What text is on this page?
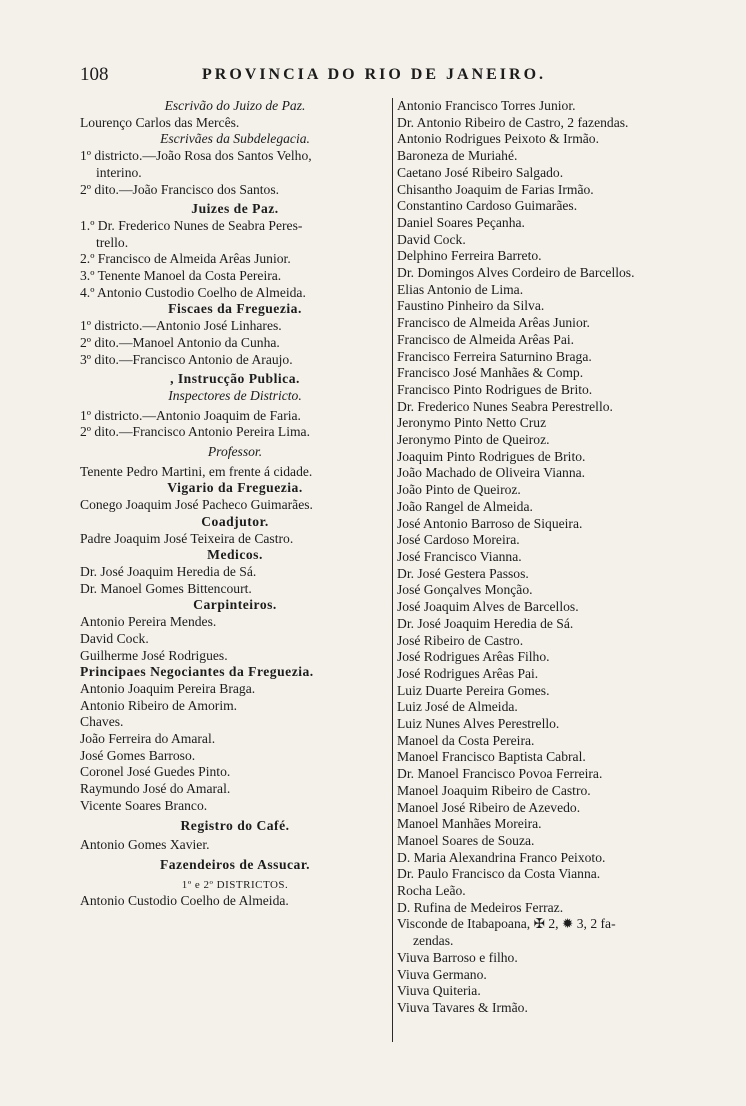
108	PROVINCIA DO RIO DE JANEIRO.
Escrivão do Juizo de Paz.
Lourenço Carlos das Mercês.
Escrivães da Subdelegacia.
1º districto.—João Rosa dos Santos Velho,
interino.
2º dito.—João Francisco dos Santos.
Juizes de Paz.
1.º Dr. Frederico Nunes de Seabra Peres-
trello.
2.º Francisco de Almeida Arêas Junior.
3.º Tenente Manoel da Costa Pereira.
4.º Antonio Custodio Coelho de Almeida.
Fiscaes da Freguezia.
1º districto.—Antonio José Linhares.
2º dito.—Manoel Antonio da Cunha.
3º dito.—Francisco Antonio de Araujo.
, Instrucção Publica.
Inspectores de Districto.
1º districto.—Antonio Joaquim de Faria.
2º dito.—Francisco Antonio Pereira Lima.
Professor.
Tenente Pedro Martini, em frente á cidade.
Vigario da Freguezia.
Conego Joaquim José Pacheco Guimarães.
Coadjutor.
Padre Joaquim José Teixeira de Castro.
Medicos.
Dr. José Joaquim Heredia de Sá.
Dr. Manoel Gomes Bittencourt.
Carpinteiros.
Antonio Pereira Mendes.
David Cock.
Guilherme José Rodrigues.
Principaes Negociantes da Freguezia.
Antonio Joaquim Pereira Braga.
Antonio Ribeiro de Amorim.
Chaves.
João Ferreira do Amaral.
José Gomes Barroso.
Coronel José Guedes Pinto.
Raymundo José do Amaral.
Vicente Soares Branco.
Registro do Café.
Antonio Gomes Xavier.
Fazendeiros de Assucar.
1º e 2º DISTRICTOS.
Antonio Custodio Coelho de Almeida.
Antonio Francisco Torres Junior.
Dr. Antonio Ribeiro de Castro, 2 fazendas.
Antonio Rodrigues Peixoto & Irmão.
Baroneza de Muriahé.
Caetano José Ribeiro Salgado.
Chisantho Joaquim de Farias Irmão.
Constantino Cardoso Guimarães.
Daniel Soares Peçanha.
David Cock.
Delphino Ferreira Barreto.
Dr. Domingos Alves Cordeiro de Barcellos.
Elias Antonio de Lima.
Faustino Pinheiro da Silva.
Francisco de Almeida Arêas Junior.
Francisco de Almeida Arêas Pai.
Francisco Ferreira Saturnino Braga.
Francisco José Manhães & Comp.
Francisco Pinto Rodrigues de Brito.
Dr. Frederico Nunes Seabra Perestrello.
Jeronymo Pinto Netto Cruz
Jeronymo Pinto de Queiroz.
Joaquim Pinto Rodrigues de Brito.
João Machado de Oliveira Vianna.
João Pinto de Queiroz.
João Rangel de Almeida.
José Antonio Barroso de Siqueira.
José Cardoso Moreira.
José Francisco Vianna.
Dr. José Gestera Passos.
José Gonçalves Monção.
José Joaquim Alves de Barcellos.
Dr. José Joaquim Heredia de Sá.
José Ribeiro de Castro.
José Rodrigues Arêas Filho.
José Rodrigues Arêas Pai.
Luiz Duarte Pereira Gomes.
Luiz José de Almeida.
Luiz Nunes Alves Perestrello.
Manoel da Costa Pereira.
Manoel Francisco Baptista Cabral.
Dr. Manoel Francisco Povoa Ferreira.
Manoel Joaquim Ribeiro de Castro.
Manoel José Ribeiro de Azevedo.
Manoel Manhães Moreira.
Manoel Soares de Souza.
D. Maria Alexandrina Franco Peixoto.
Dr. Paulo Francisco da Costa Vianna.
Rocha Leão.
D. Rufina de Medeiros Ferraz.
Visconde de Itabapoana, ✠ 2, ✹ 3, 2 fa-
zendas.
Viuva Barroso e filho.
Viuva Germano.
Viuva Quiteria.
Viuva Tavares & Irmão.
